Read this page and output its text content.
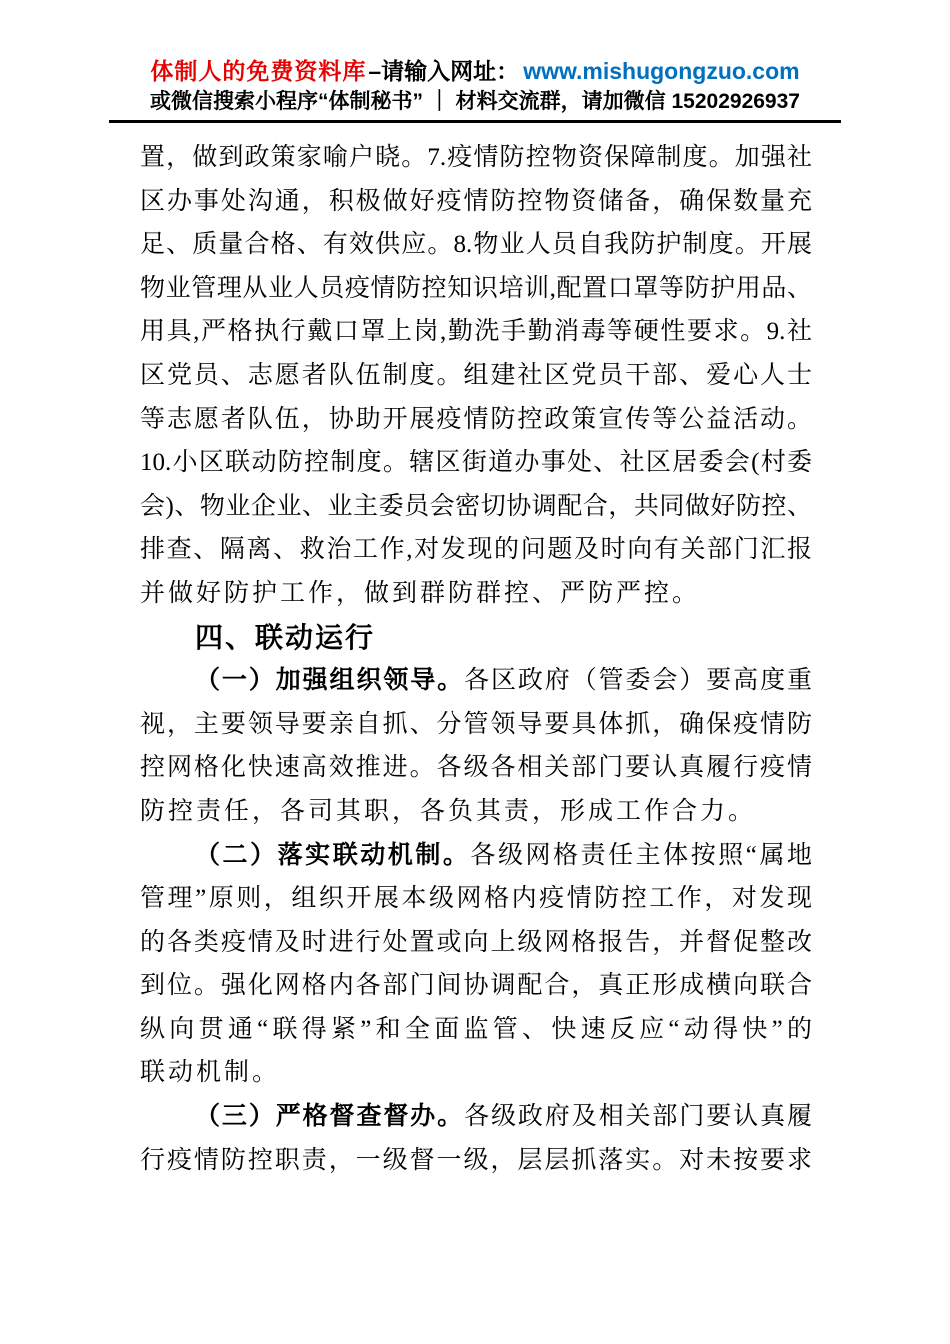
体制人的免费资料库–请输入网址： www.mishugongzuo.com
或微信搜索小程序“体制秘书” ｜ 材料交流群，请加微信 15202926937
置，做到政策家喻户晓。7.疫情防控物资保障制度。加强社
区办事处沟通，积极做好疫情防控物资储备，确保数量充
足、质量合格、有效供应。8.物业人员自我防护制度。开展
物业管理从业人员疫情防控知识培训,配置口罩等防护用品、
用具,严格执行戴口罩上岗,勤洗手勤消毒等硬性要求。9.社
区党员、志愿者队伍制度。组建社区党员干部、爱心人士
等志愿者队伍，协助开展疫情防控政策宣传等公益活动。
10.小区联动防控制度。辖区街道办事处、社区居委会(村委
会)、物业企业、业主委员会密切协调配合，共同做好防控、
排查、隔离、救治工作,对发现的问题及时向有关部门汇报
并做好防护工作，做到群防群控、严防严控。
四、联动运行
（一）加强组织领导。各区政府（管委会）要高度重
视，主要领导要亲自抓、分管领导要具体抓，确保疫情防
控网格化快速高效推进。各级各相关部门要认真履行疫情
防控责任，各司其职，各负其责，形成工作合力。
（二）落实联动机制。各级网格责任主体按照“属地
管理”原则，组织开展本级网格内疫情防控工作，对发现
的各类疫情及时进行处置或向上级网格报告，并督促整改
到位。强化网格内各部门间协调配合，真正形成横向联合
纵向贯通“联得紧”和全面监管、快速反应“动得快”的
联动机制。
（三）严格督查督办。各级政府及相关部门要认真履
行疫情防控职责，一级督一级，层层抓落实。对未按要求
